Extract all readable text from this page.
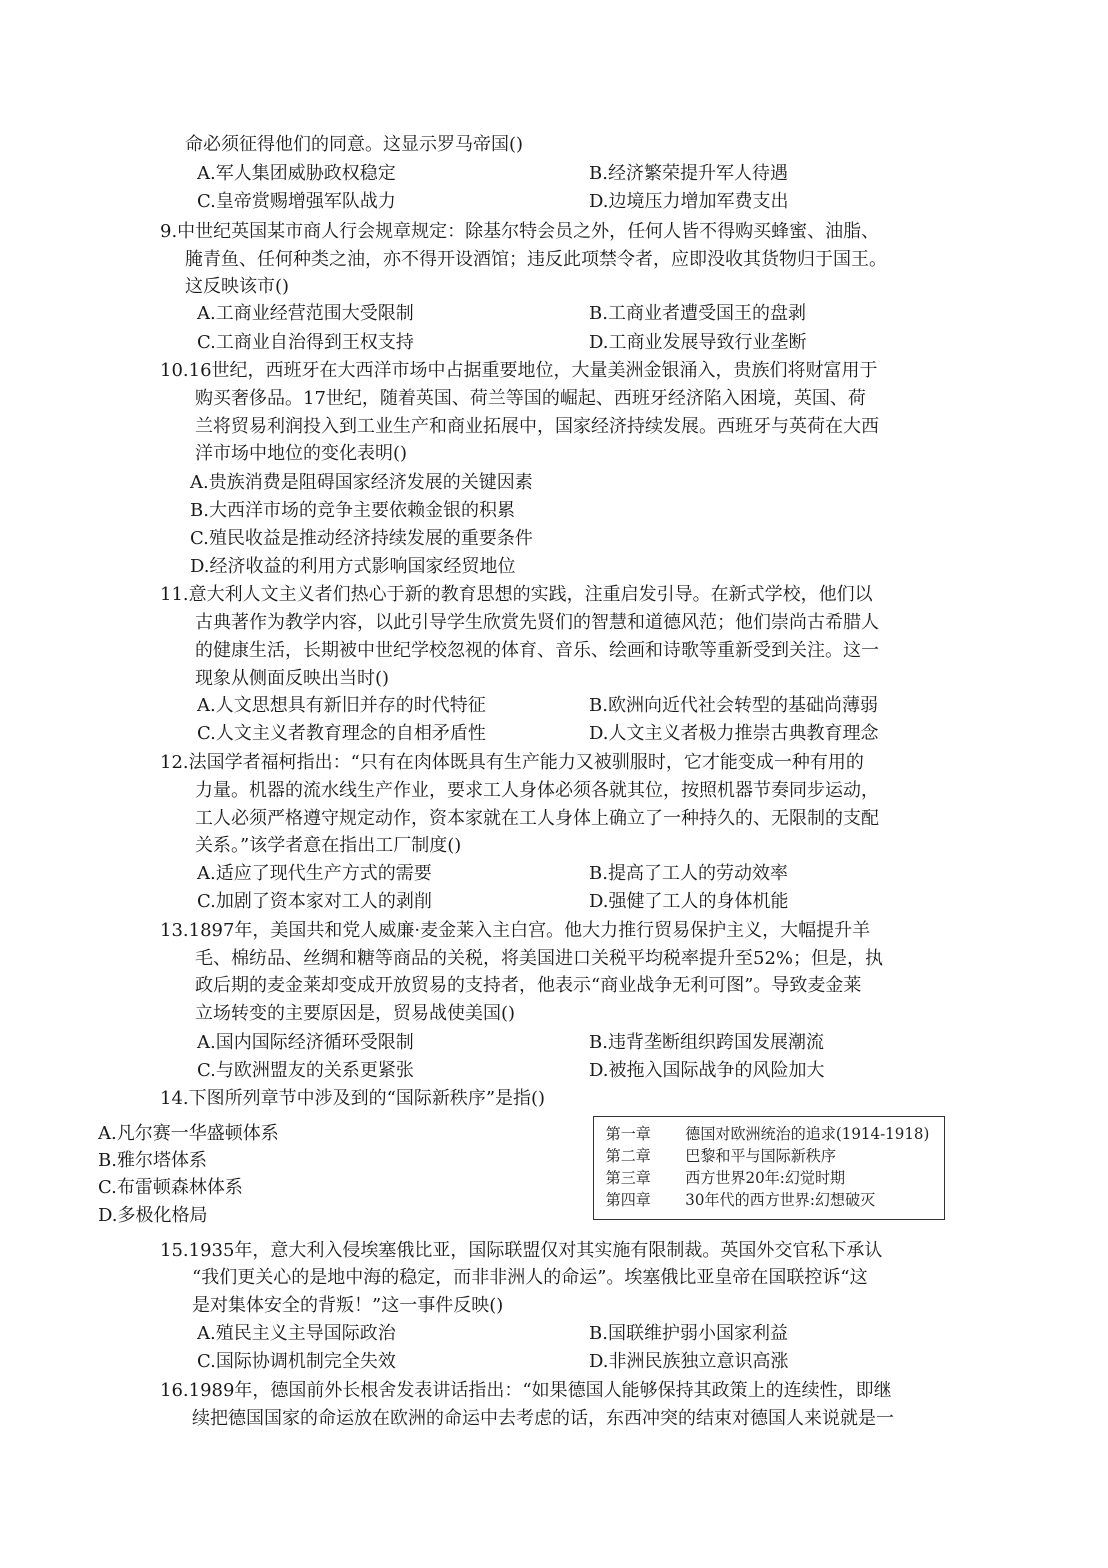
命必须征得他们的同意。这显示罗马帝国()
A.军人集团威胁政权稳定	B.经济繁荣提升军人待遇
C.皇帝赏赐增强军队战力	D.边境压力增加军费支出
9.中世纪英国某市商人行会规章规定：除基尔特会员之外，任何人皆不得购买蜂蜜、油脂、
腌青鱼、任何种类之油，亦不得开设酒馆；违反此项禁令者，应即没收其货物归于国王。
这反映该市()
A.工商业经营范围大受限制	B.工商业者遭受国王的盘剥
C.工商业自治得到王权支持	D.工商业发展导致行业垄断
10.16世纪，西班牙在大西洋市场中占据重要地位，大量美洲金银涌入，贵族们将财富用于
购买奢侈品。17世纪，随着英国、荷兰等国的崛起、西班牙经济陷入困境，英国、荷
兰将贸易利润投入到工业生产和商业拓展中，国家经济持续发展。西班牙与英荷在大西
洋市场中地位的变化表明()
A.贵族消费是阻碍国家经济发展的关键因素
B.大西洋市场的竞争主要依赖金银的积累
C.殖民收益是推动经济持续发展的重要条件
D.经济收益的利用方式影响国家经贸地位
11.意大利人文主义者们热心于新的教育思想的实践，注重启发引导。在新式学校，他们以
古典著作为教学内容，以此引导学生欣赏先贤们的智慧和道德风范；他们崇尚古希腊人
的健康生活，长期被中世纪学校忽视的体育、音乐、绘画和诗歌等重新受到关注。这一
现象从侧面反映出当时()
A.人文思想具有新旧并存的时代特征	B.欧洲向近代社会转型的基础尚薄弱
C.人文主义者教育理念的自相矛盾性	D.人文主义者极力推崇古典教育理念
12.法国学者福柯指出：“只有在肉体既具有生产能力又被驯服时，它才能变成一种有用的
力量。机器的流水线生产作业，要求工人身体必须各就其位，按照机器节奏同步运动，
工人必须严格遵守规定动作，资本家就在工人身体上确立了一种持久的、无限制的支配
关系。”该学者意在指出工厂制度()
A.适应了现代生产方式的需要	B.提高了工人的劳动效率
C.加剧了资本家对工人的剥削	D.强健了工人的身体机能
13.1897年，美国共和党人威廉·麦金莱入主白宫。他大力推行贸易保护主义，大幅提升羊
毛、棉纺品、丝绸和糖等商品的关税，将美国进口关税平均税率提升至52%；但是，执
政后期的麦金莱却变成开放贸易的支持者，他表示“商业战争无利可图”。导致麦金莱
立场转变的主要原因是，贸易战使美国()
A.国内国际经济循环受限制	B.违背垄断组织跨国发展潮流
C.与欧洲盟友的关系更紧张	D.被拖入国际战争的风险加大
14.下图所列章节中涉及到的“国际新秩序”是指()
A.凡尔赛一华盛顿体系
B.雅尔塔体系
C.布雷顿森林体系
D.多极化格局
第一章 德国对欧洲统治的追求(1914-1918)
第二章 巴黎和平与国际新秩序
第三章 西方世界20年:幻觉时期
第四章 30年代的西方世界:幻想破灭
15.1935年，意大利入侵埃塞俄比亚，国际联盟仅对其实施有限制裁。英国外交官私下承认
“我们更关心的是地中海的稳定，而非非洲人的命运”。埃塞俄比亚皇帝在国联控诉“这
是对集体安全的背叛！”这一事件反映()
A.殖民主义主导国际政治	B.国联维护弱小国家利益
C.国际协调机制完全失效	D.非洲民族独立意识高涨
16.1989年，德国前外长根舍发表讲话指出：“如果德国人能够保持其政策上的连续性，即继
续把德国国家的命运放在欧洲的命运中去考虑的话，东西冲突的结束对德国人来说就是一
